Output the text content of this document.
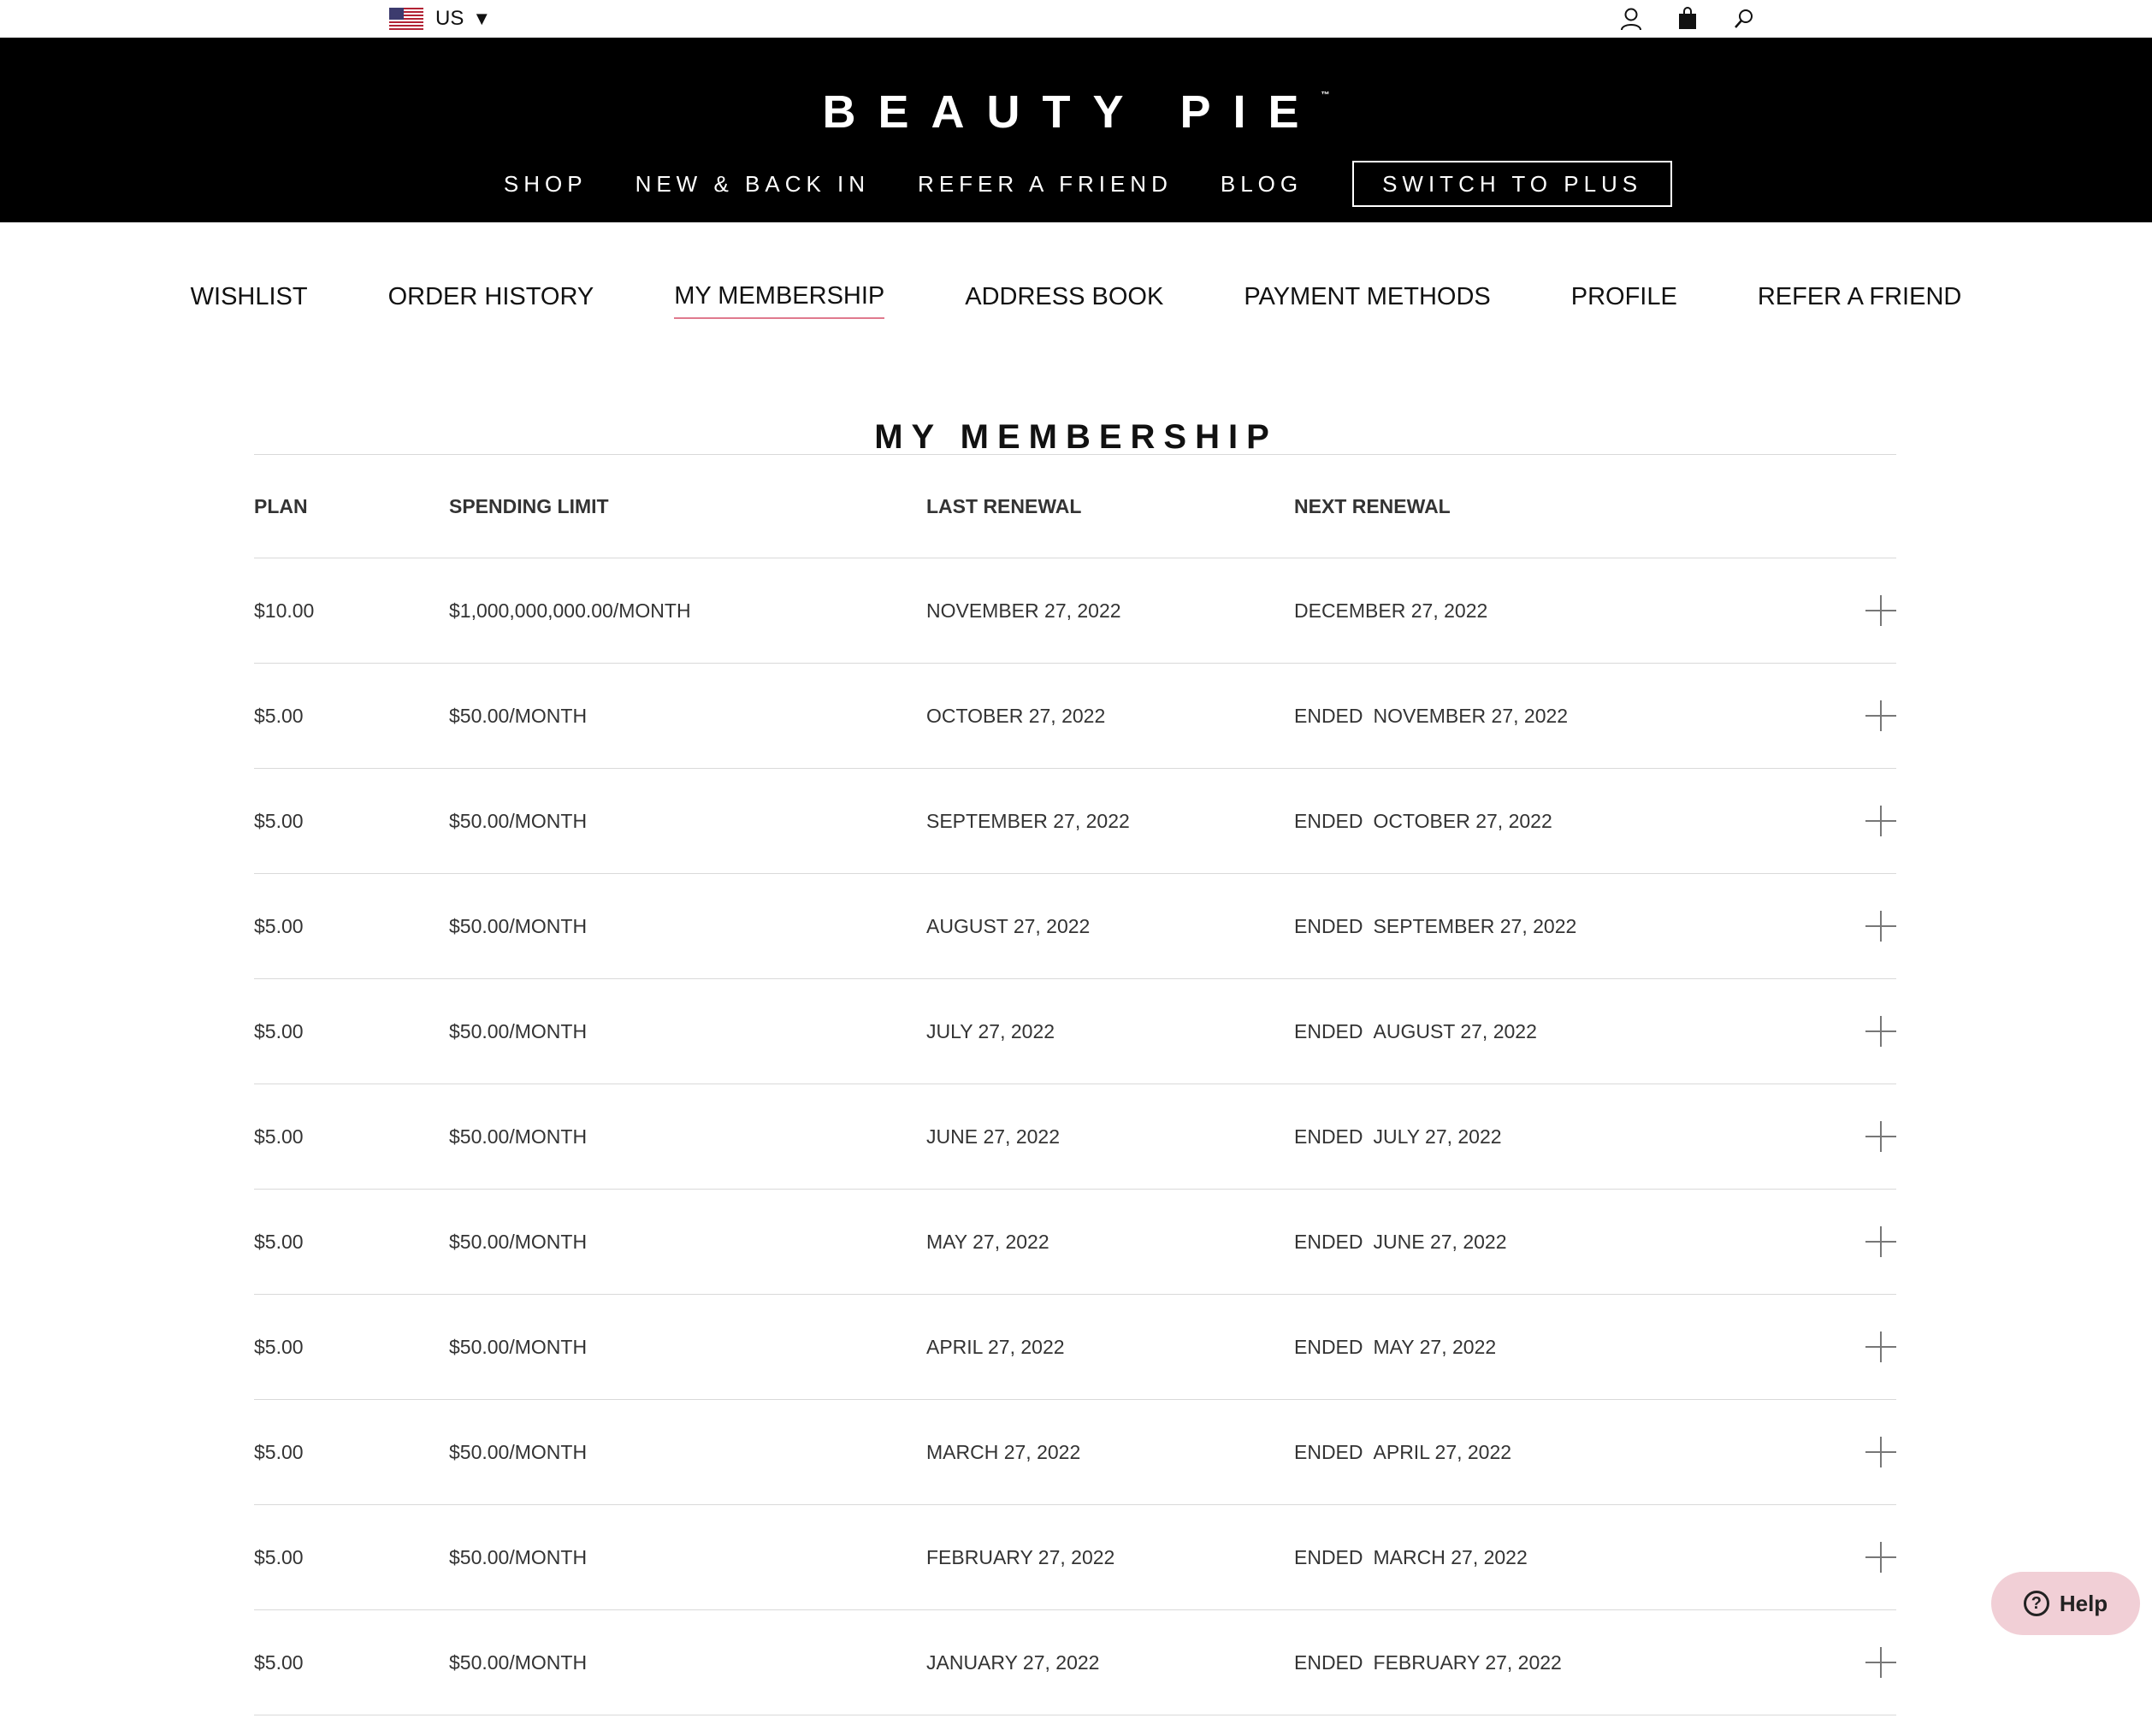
US ▼
BEAUTY PIE™
SHOP NEW & BACK IN REFER A FRIEND BLOG	SWITCH TO PLUS
WISHLIST	ORDER HISTORY	MY MEMBERSHIP	ADDRESS BOOK	PAYMENT METHODS	PROFILE	REFER A FRIEND
MY MEMBERSHIP
PLAN	SPENDING LIMIT	LAST RENEWAL	NEXT RENEWAL
$10.00	$1,000,000,000.00/MONTH	NOVEMBER 27, 2022	DECEMBER 27, 2022
$5.00	$50.00/MONTH	OCTOBER 27, 2022	ENDED NOVEMBER 27, 2022
$5.00	$50.00/MONTH	SEPTEMBER 27, 2022	ENDED OCTOBER 27, 2022
$5.00	$50.00/MONTH	AUGUST 27, 2022	ENDED SEPTEMBER 27, 2022
$5.00	$50.00/MONTH	JULY 27, 2022	ENDED AUGUST 27, 2022
$5.00	$50.00/MONTH	JUNE 27, 2022	ENDED JULY 27, 2022
$5.00	$50.00/MONTH	MAY 27, 2022	ENDED JUNE 27, 2022
$5.00	$50.00/MONTH	APRIL 27, 2022	ENDED MAY 27, 2022
$5.00	$50.00/MONTH	MARCH 27, 2022	ENDED APRIL 27, 2022
$5.00	$50.00/MONTH	FEBRUARY 27, 2022	ENDED MARCH 27, 2022
$5.00	$50.00/MONTH	JANUARY 27, 2022	ENDED FEBRUARY 27, 2022
? Help
